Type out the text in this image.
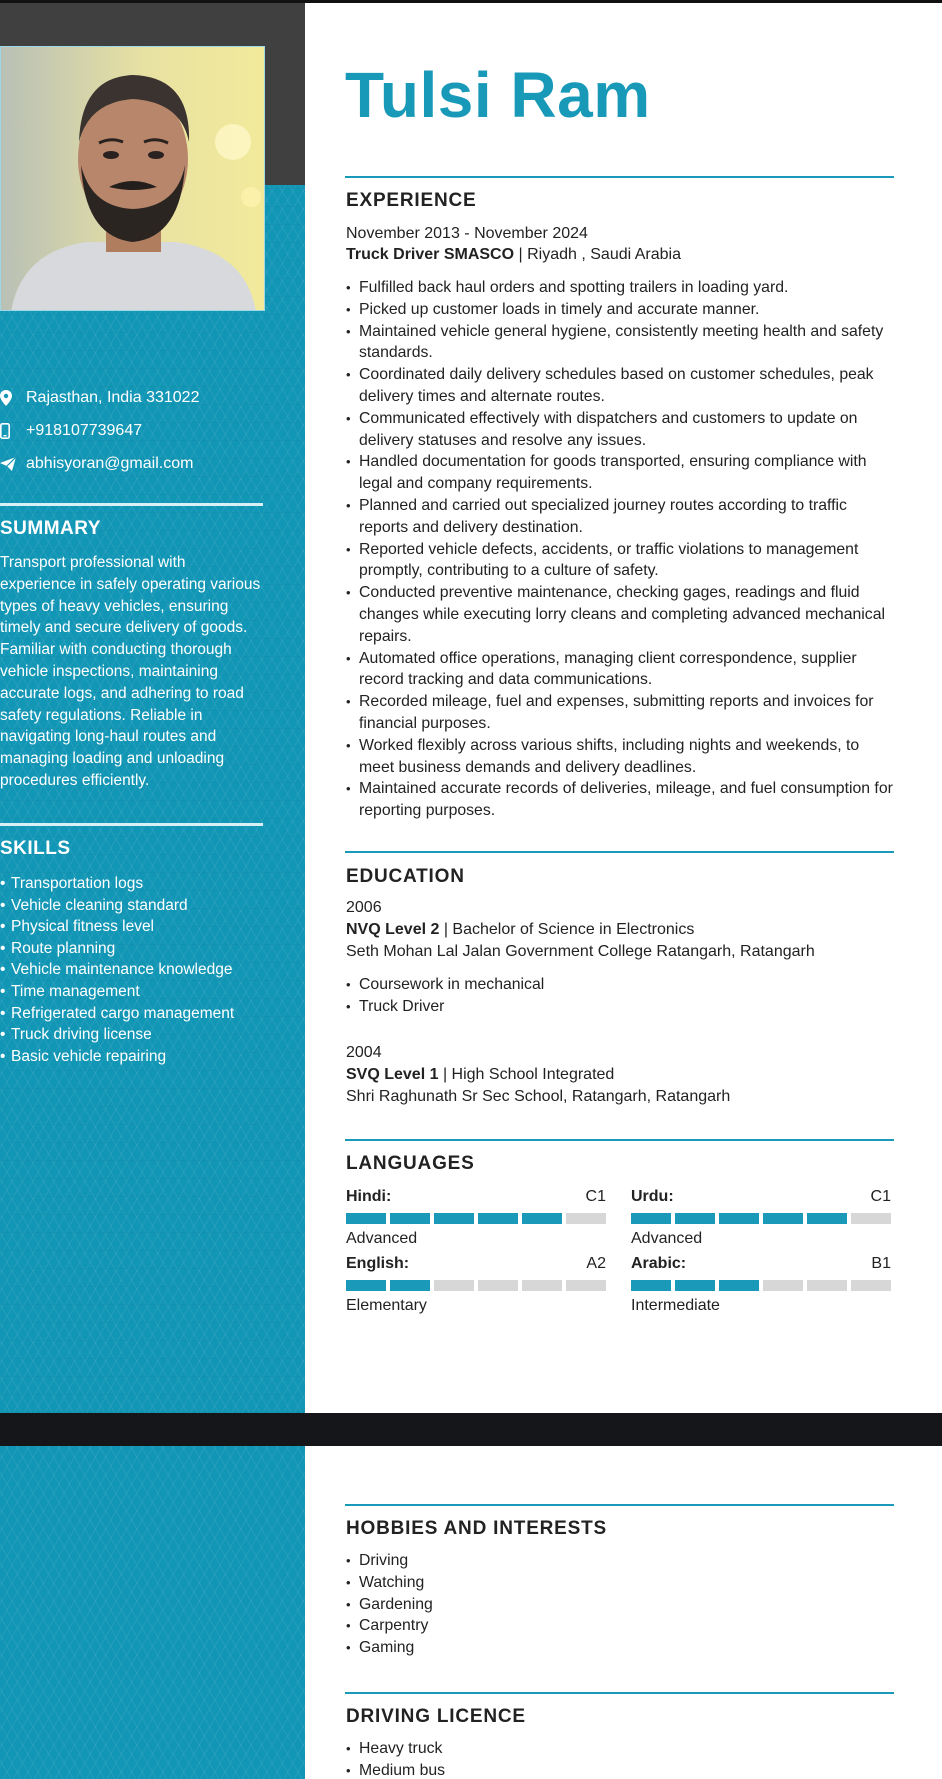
Rajasthan, India 331022
+918107739647
abhisyoran@gmail.com
SUMMARY
Transport professional with experience in safely operating various types of heavy vehicles, ensuring timely and secure delivery of goods. Familiar with conducting thorough vehicle inspections, maintaining accurate logs, and adhering to road safety regulations. Reliable in navigating long-haul routes and managing loading and unloading procedures efficiently.
SKILLS
• Transportation logs
• Vehicle cleaning standard
• Physical fitness level
• Route planning
• Vehicle maintenance knowledge
• Time management
• Refrigerated cargo management
• Truck driving license
• Basic vehicle repairing
Tulsi Ram
EXPERIENCE
November 2013 - November 2024
Truck Driver SMASCO | Riyadh , Saudi Arabia
• Fulfilled back haul orders and spotting trailers in loading yard.
• Picked up customer loads in timely and accurate manner.
• Maintained vehicle general hygiene, consistently meeting health and safety standards.
• Coordinated daily delivery schedules based on customer schedules, peak delivery times and alternate routes.
• Communicated effectively with dispatchers and customers to update on delivery statuses and resolve any issues.
• Handled documentation for goods transported, ensuring compliance with legal and company requirements.
• Planned and carried out specialized journey routes according to traffic reports and delivery destination.
• Reported vehicle defects, accidents, or traffic violations to management promptly, contributing to a culture of safety.
• Conducted preventive maintenance, checking gages, readings and fluid changes while executing lorry cleans and completing advanced mechanical repairs.
• Automated office operations, managing client correspondence, supplier record tracking and data communications.
• Recorded mileage, fuel and expenses, submitting reports and invoices for financial purposes.
• Worked flexibly across various shifts, including nights and weekends, to meet business demands and delivery deadlines.
• Maintained accurate records of deliveries, mileage, and fuel consumption for reporting purposes.
EDUCATION
2006
NVQ Level 2 | Bachelor of Science in Electronics
Seth Mohan Lal Jalan Government College Ratangarh, Ratangarh
• Coursework in mechanical
• Truck Driver
2004
SVQ Level 1 | High School Integrated
Shri Raghunath Sr Sec School, Ratangarh, Ratangarh
LANGUAGES
Hindi:	C1
Advanced
Urdu:	C1
Advanced
English:	A2
Elementary
Arabic:	B1
Intermediate
HOBBIES AND INTERESTS
• Driving
• Watching
• Gardening
• Carpentry
• Gaming
DRIVING LICENCE
• Heavy truck
• Medium bus
